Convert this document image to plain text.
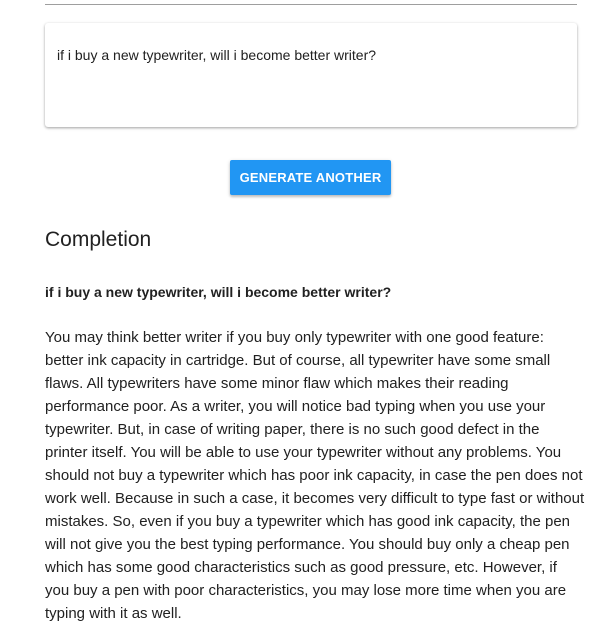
if i buy a new typewriter, will i become better writer?
GENERATE ANOTHER
Completion

if i buy a new typewriter, will i become better writer?

You may think better writer if you buy only typewriter with one good feature: better ink capacity in cartridge. But of course, all typewriter have some small flaws. All typewriters have some minor flaw which makes their reading performance poor. As a writer, you will notice bad typing when you use your typewriter. But, in case of writing paper, there is no such good defect in the printer itself. You will be able to use your typewriter without any problems. You should not buy a typewriter which has poor ink capacity, in case the pen does not work well. Because in such a case, it becomes very difficult to type fast or without mistakes. So, even if you buy a typewriter which has good ink capacity, the pen will not give you the best typing performance. You should buy only a cheap pen which has some good characteristics such as good pressure, etc. However, if you buy a pen with poor characteristics, you may lose more time when you are typing with it as well.
